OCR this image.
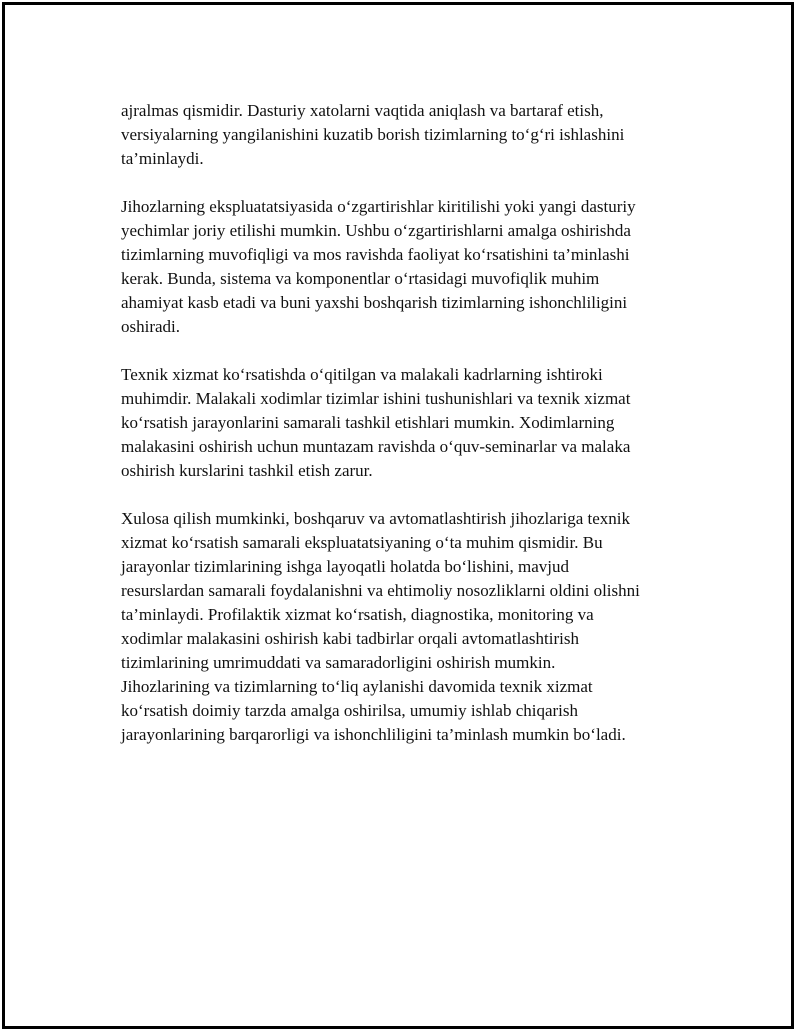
ajralmas qismidir. Dasturiy xatolarni vaqtida aniqlash va bartaraf etish,
versiyalarning yangilanishini kuzatib borish tizimlarning to‘g‘ri ishlashini
ta’minlaydi.

Jihozlarning ekspluatatsiyasida o‘zgartirishlar kiritilishi yoki yangi dasturiy
yechimlar joriy etilishi mumkin. Ushbu o‘zgartirishlarni amalga oshirishda
tizimlarning muvofiqligi va mos ravishda faoliyat ko‘rsatishini ta’minlashi
kerak. Bunda, sistema va komponentlar o‘rtasidagi muvofiqlik muhim
ahamiyat kasb etadi va buni yaxshi boshqarish tizimlarning ishonchliligini
oshiradi.

Texnik xizmat ko‘rsatishda o‘qitilgan va malakali kadrlarning ishtiroki
muhimdir. Malakali xodimlar tizimlar ishini tushunishlari va texnik xizmat
ko‘rsatish jarayonlarini samarali tashkil etishlari mumkin. Xodimlarning
malakasini oshirish uchun muntazam ravishda o‘quv-seminarlar va malaka
oshirish kurslarini tashkil etish zarur.

Xulosa qilish mumkinki, boshqaruv va avtomatlashtirish jihozlariga texnik
xizmat ko‘rsatish samarali ekspluatatsiyaning o‘ta muhim qismidir. Bu
jarayonlar tizimlarining ishga layoqatli holatda bo‘lishini, mavjud
resurslardan samarali foydalanishni va ehtimoliy nosozliklarni oldini olishni
ta’minlaydi. Profilaktik xizmat ko‘rsatish, diagnostika, monitoring va
xodimlar malakasini oshirish kabi tadbirlar orqali avtomatlashtirish
tizimlarining umrimuddati va samaradorligini oshirish mumkin.
Jihozlarining va tizimlarning to‘liq aylanishi davomida texnik xizmat
ko‘rsatish doimiy tarzda amalga oshirilsa, umumiy ishlab chiqarish
jarayonlarining barqarorligi va ishonchliligini ta’minlash mumkin bo‘ladi.
